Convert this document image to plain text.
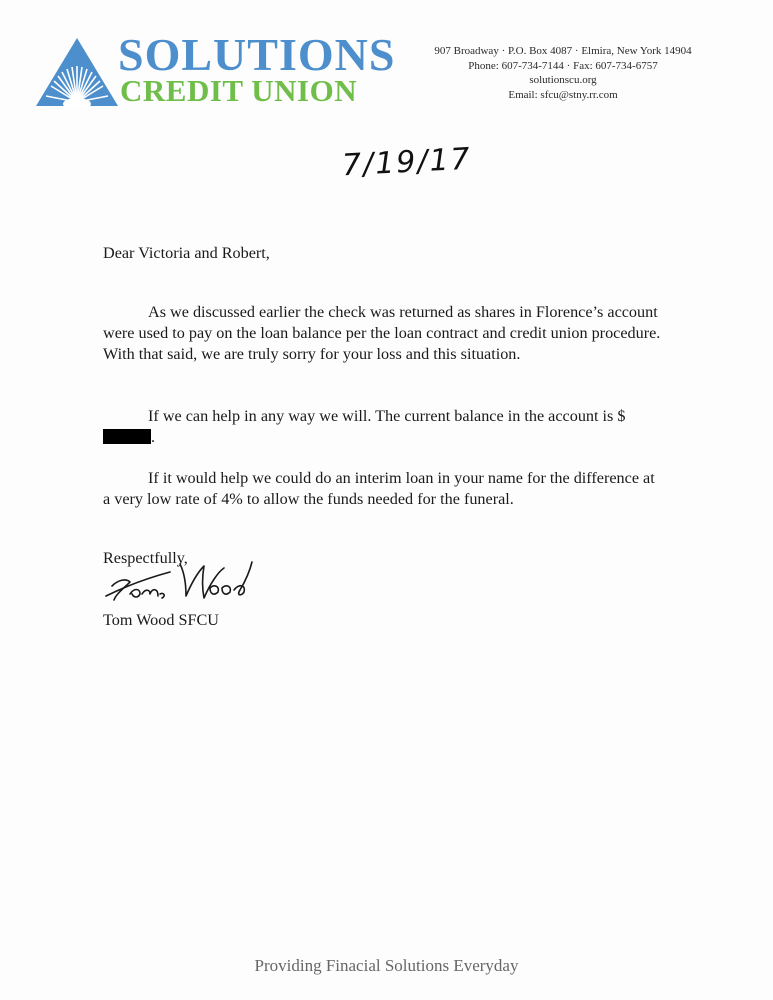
SOLUTIONS
CREDIT UNION
907 Broadway · P.O. Box 4087 · Elmira, New York 14904
Phone: 607-734-7144 · Fax: 607-734-6757
solutionscu.org
Email: sfcu@stny.rr.com
7/19/17
Dear Victoria and Robert,
As we discussed earlier the check was returned as shares in Florence’s account were used to pay on the loan balance per the loan contract and credit union procedure. With that said, we are truly sorry for your loss and this situation.
If we can help in any way we will. The current balance in the account is $.
If it would help we could do an interim loan in your name for the difference at a very low rate of 4% to allow the funds needed for the funeral.
Respectfully,
Tom Wood SFCU
Providing Finacial Solutions Everyday
